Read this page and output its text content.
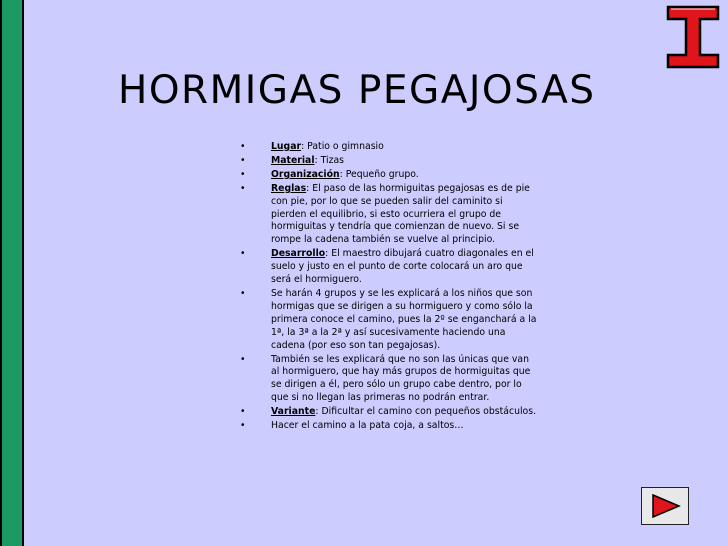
HORMIGAS PEGAJOSAS
•	Lugar: Patio o gimnasio
•	Material: Tizas
•	Organización: Pequeño grupo.
•	Reglas: El paso de las hormiguitas pegajosas es de pie con pie, por lo que se pueden salir del caminito si pierden el equilibrio, si esto ocurriera el grupo de hormiguitas y tendría que comienzan de nuevo. Si se rompe la cadena también se vuelve al principio.
•	Desarrollo: El maestro dibujará cuatro diagonales en el suelo y justo en el punto de corte colocará un aro que será el hormiguero.
•	Se harán 4 grupos y se les explicará a los niños que son hormigas que se dirigen a su hormiguero y como sólo la primera conoce el camino, pues la 2º se enganchará a la 1ª, la 3ª a la 2ª y así sucesivamente haciendo una cadena (por eso son tan pegajosas).
•	También se les explicará que no son las únicas que van al hormiguero, que hay más grupos de hormiguitas que se dirigen a él, pero sólo un grupo cabe dentro, por lo que si no llegan las primeras no podrán entrar.
•	Variante: Dificultar el camino con pequeños obstáculos.
•	Hacer el camino a la pata coja, a saltos…
